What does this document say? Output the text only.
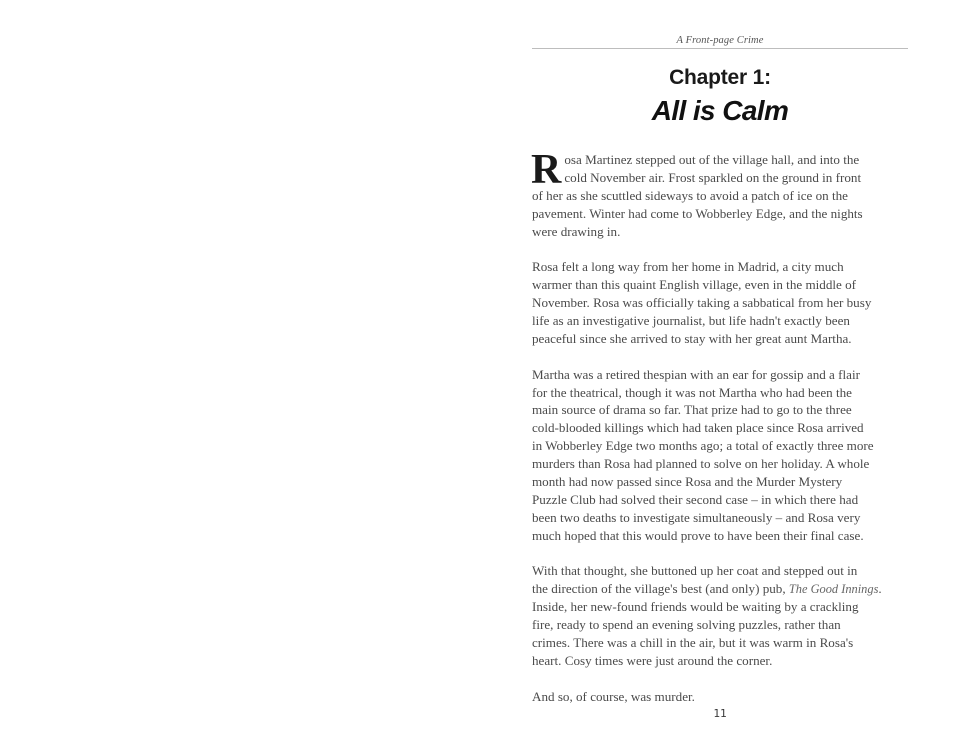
A Front-page Crime
Chapter 1:
All is Calm

R osa Martinez stepped out of the village hall, and into the
cold November air. Frost sparkled on the ground in front
of her as she scuttled sideways to avoid a patch of ice on the
pavement. Winter had come to Wobberley Edge, and the nights
were drawing in.

Rosa felt a long way from her home in Madrid, a city much
warmer than this quaint English village, even in the middle of
November. Rosa was officially taking a sabbatical from her busy
life as an investigative journalist, but life hadn't exactly been
peaceful since she arrived to stay with her great aunt Martha.

Martha was a retired thespian with an ear for gossip and a flair
for the theatrical, though it was not Martha who had been the
main source of drama so far. That prize had to go to the three
cold-blooded killings which had taken place since Rosa arrived
in Wobberley Edge two months ago; a total of exactly three more
murders than Rosa had planned to solve on her holiday. A whole
month had now passed since Rosa and the Murder Mystery
Puzzle Club had solved their second case – in which there had
been two deaths to investigate simultaneously – and Rosa very
much hoped that this would prove to have been their final case.

With that thought, she buttoned up her coat and stepped out in
the direction of the village's best (and only) pub, The Good Innings.
Inside, her new-found friends would be waiting by a crackling
fire, ready to spend an evening solving puzzles, rather than
crimes. There was a chill in the air, but it was warm in Rosa's
heart. Cosy times were just around the corner.

And so, of course, was murder.

11
